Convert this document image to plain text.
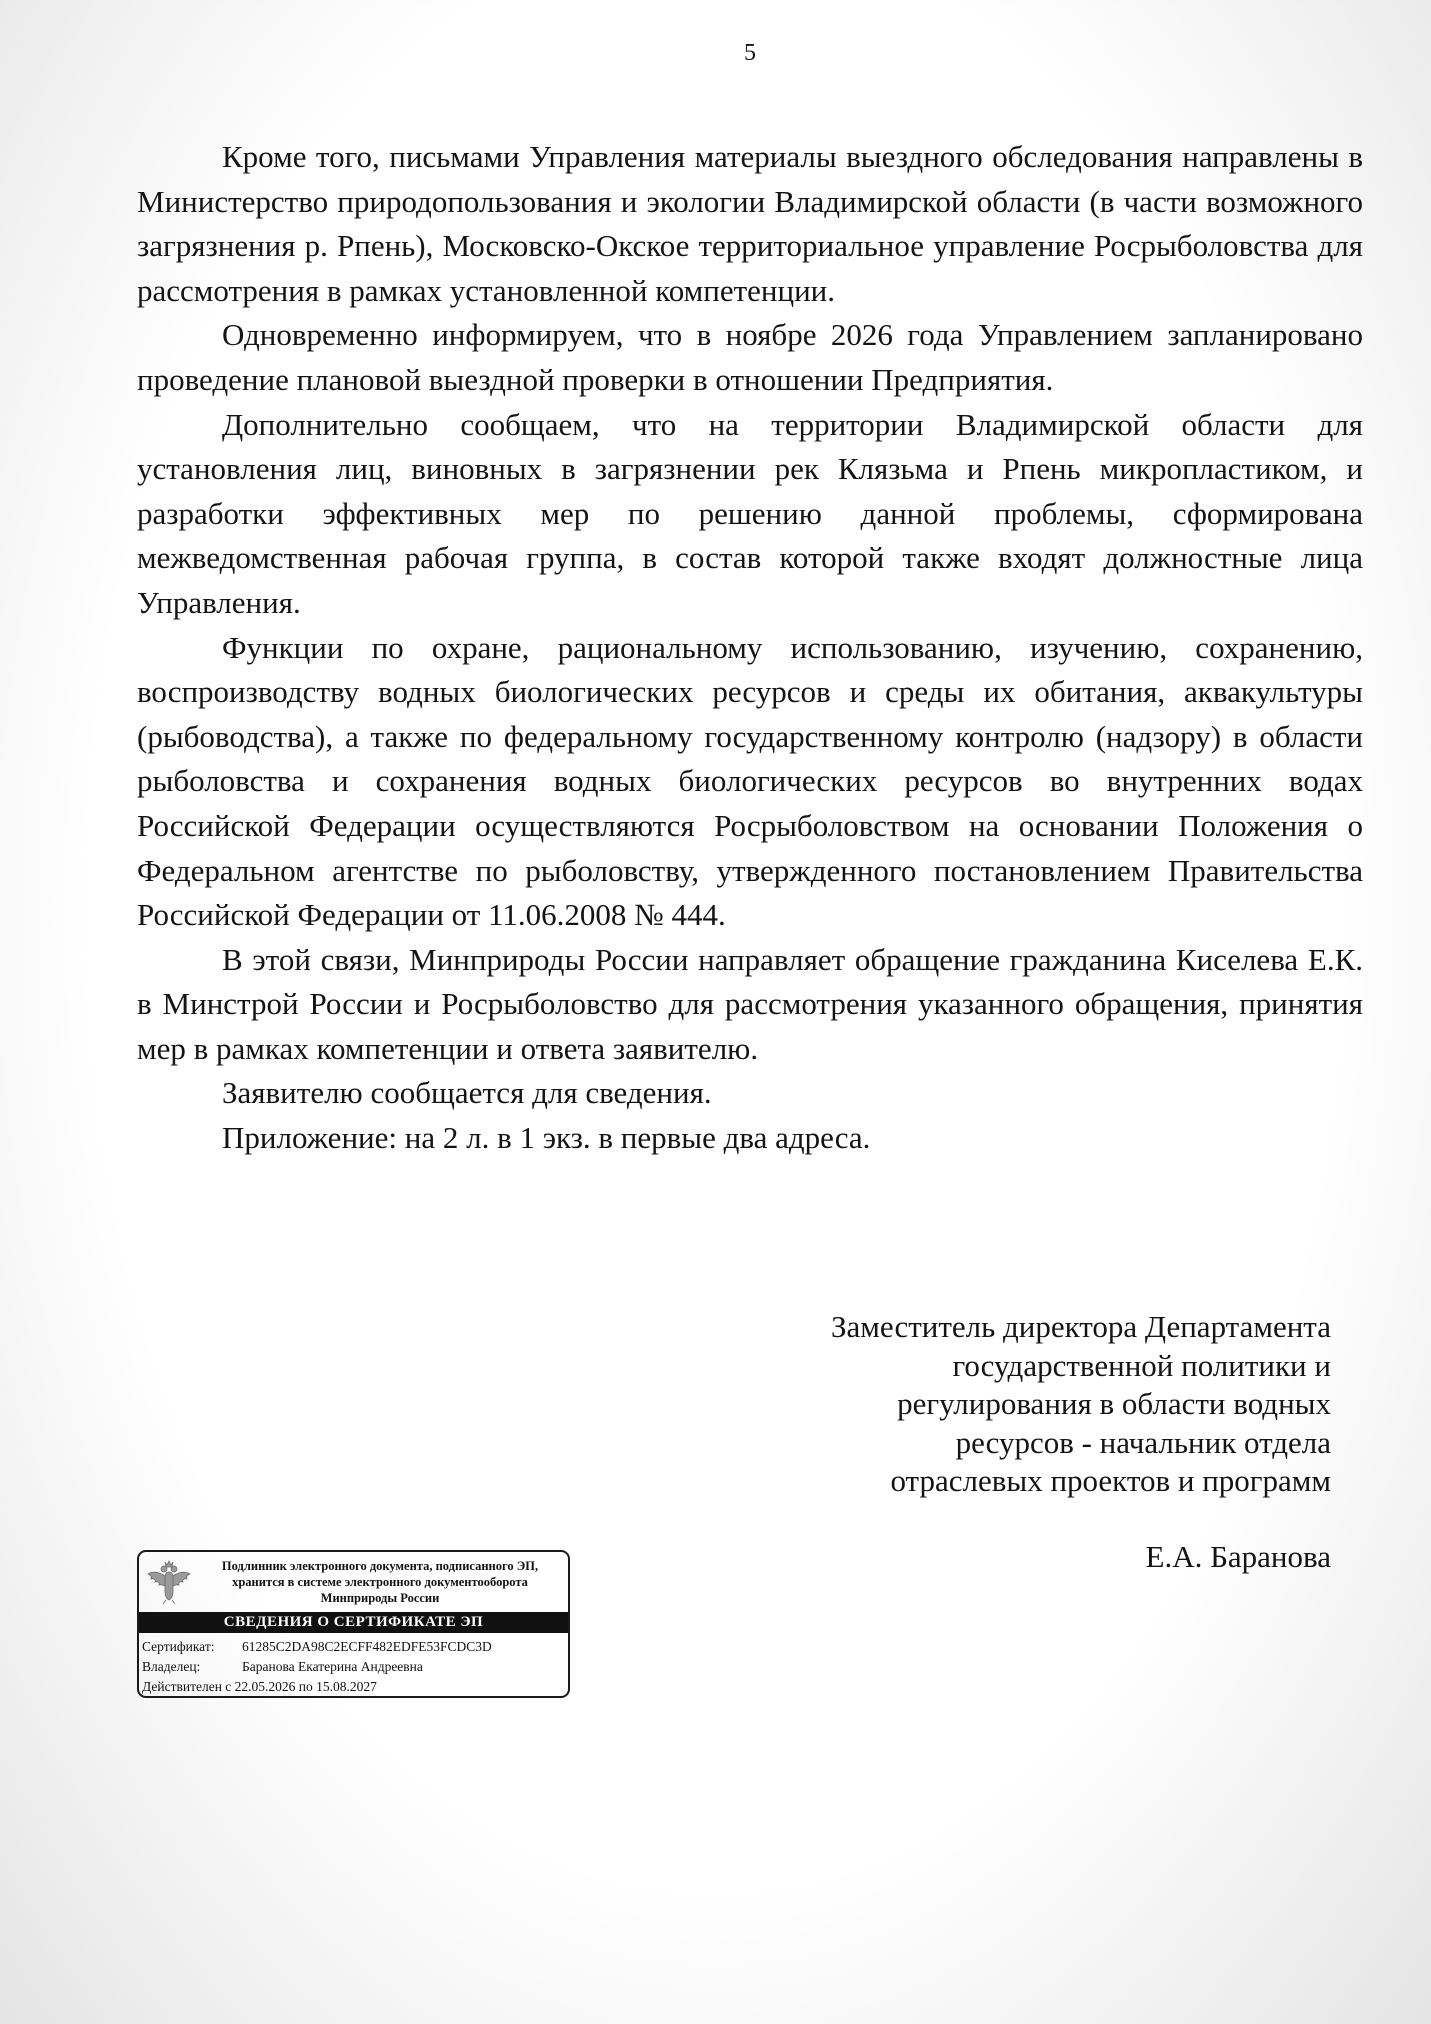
5

Кроме того, письмами Управления материалы выездного обследования направлены в Министерство природопользования и экологии Владимирской области (в части возможного загрязнения р. Рпень), Московско-Окское территориальное управление Росрыболовства для рассмотрения в рамках установленной компетенции.

Одновременно информируем, что в ноябре 2026 года Управлением запланировано проведение плановой выездной проверки в отношении Предприятия.

Дополнительно сообщаем, что на территории Владимирской области для установления лиц, виновных в загрязнении рек Клязьма и Рпень микропластиком, и разработки эффективных мер по решению данной проблемы, сформирована межведомственная рабочая группа, в состав которой также входят должностные лица Управления.

Функции по охране, рациональному использованию, изучению, сохранению, воспроизводству водных биологических ресурсов и среды их обитания, аквакультуры (рыбоводства), а также по федеральному государственному контролю (надзору) в области рыболовства и сохранения водных биологических ресурсов во внутренних водах Российской Федерации осуществляются Росрыболовством на основании Положения о Федеральном агентстве по рыболовству, утвержденного постановлением Правительства Российской Федерации от 11.06.2008 № 444.

В этой связи, Минприроды России направляет обращение гражданина Киселева Е.К. в Минстрой России и Росрыболовство для рассмотрения указанного обращения, принятия мер в рамках компетенции и ответа заявителю.

Заявителю сообщается для сведения.

Приложение: на 2 л. в 1 экз. в первые два адреса.

Заместитель директора Департамента
государственной политики и
регулирования в области водных
ресурсов - начальник отдела
отраслевых проектов и программ
Е.А. Баранова
Подлинник электронного документа, подписанного ЭП,
хранится в системе электронного документооборота
Минприроды России
СВЕДЕНИЯ О СЕРТИФИКАТЕ ЭП
Сертификат: 61285C2DA98C2ECFF482EDFE53FCDC3D
Владелец:	Баранова Екатерина Андреевна
Действителен с 22.05.2026 по 15.08.2027
